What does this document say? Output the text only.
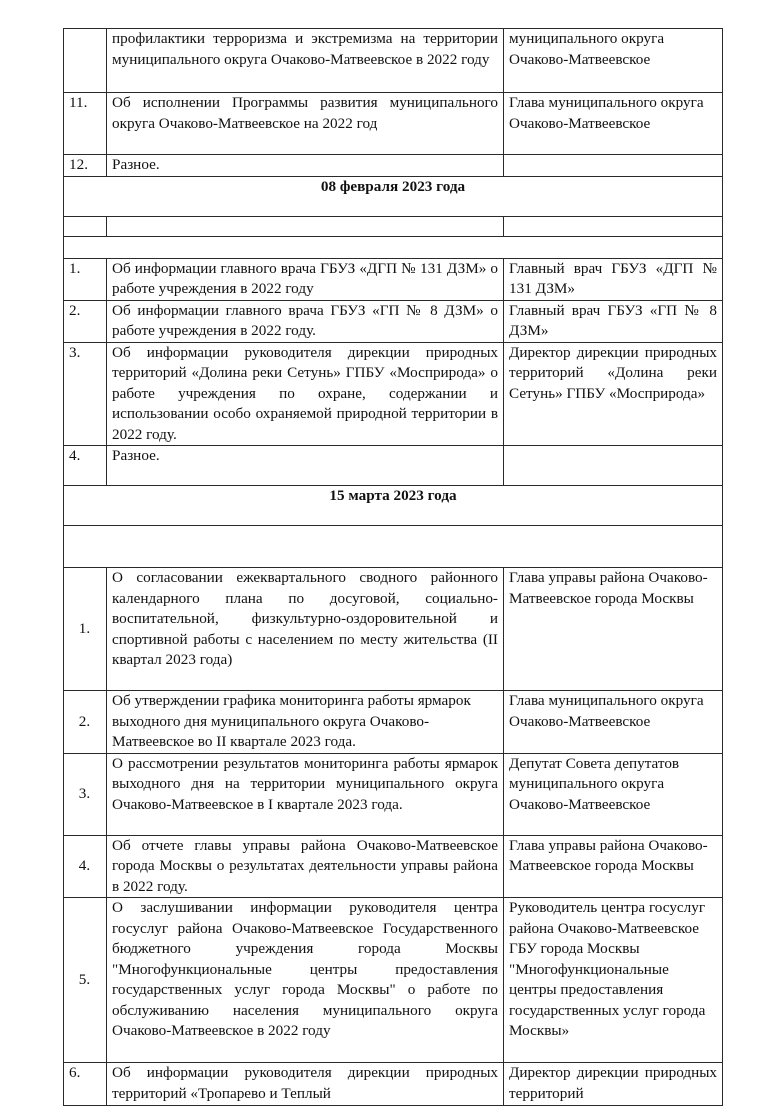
	профилактики терроризма и экстремизма на территории муниципального округа Очаково-Матвеевское в 2022 году	муниципального округа Очаково-Матвеевское
11.	Об исполнении Программы развития муниципального округа Очаково-Матвеевское на 2022 год	Глава муниципального округа Очаково-Матвеевское
12.	Разное.	
08 февраля 2023 года		

1.	Об информации главного врача ГБУЗ «ДГП № 131 ДЗМ» о работе учреждения в 2022 году	Главный врач ГБУЗ «ДГП № 131 ДЗМ»
2.	Об информации главного врача ГБУЗ «ГП № 8 ДЗМ» о работе учреждения в 2022 году.	Главный врач ГБУЗ «ГП № 8 ДЗМ»
3.	Об информации руководителя дирекции природных территорий «Долина реки Сетунь» ГПБУ «Мосприрода» о работе учреждения по охране, содержании и использовании особо охраняемой природной территории в 2022 году.	Директор дирекции природных территорий «Долина реки Сетунь» ГПБУ «Мосприрода»
4.	Разное.	
15 марта 2023 года		

1.	О согласовании ежеквартального сводного районного календарного плана по досуговой, социально-воспитательной, физкультурно-оздоровительной и спортивной работы с населением по месту жительства (II квартал 2023 года)	Глава управы района Очаково-Матвеевское города Москвы
2.	Об утверждении графика мониторинга работы ярмарок выходного дня муниципального округа Очаково-Матвеевское во II квартале 2023 года.	Глава муниципального округа Очаково-Матвеевское
3.	О рассмотрении результатов мониторинга работы ярмарок выходного дня на территории муниципального округа Очаково-Матвеевское в I квартале 2023 года.	Депутат Совета депутатов муниципального округа Очаково-Матвеевское
4.	Об отчете главы управы района Очаково-Матвеевское города Москвы о результатах деятельности управы района в 2022 году.	Глава управы района Очаково-Матвеевское города Москвы
5.	О заслушивании информации руководителя центра госуслуг района Очаково-Матвеевское Государственного бюджетного учреждения города Москвы "Многофункциональные центры предоставления государственных услуг города Москвы" о работе по обслуживанию населения муниципального округа Очаково-Матвеевское в 2022 году	Руководитель центра госуслуг района Очаково-Матвеевское ГБУ города Москвы "Многофункциональные центры предоставления государственных услуг города Москвы»
6.	Об информации руководителя дирекции природных территорий «Тропарево и Теплый	Директор дирекции природных территорий
